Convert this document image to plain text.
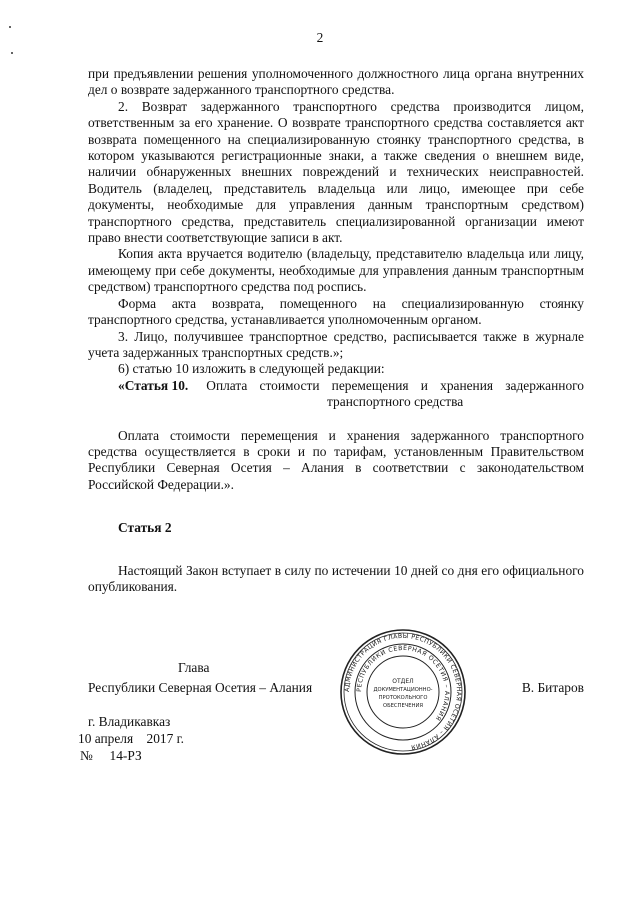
2

при предъявлении решения уполномоченного должностного лица органа внутренних дел о возврате задержанного транспортного средства.

2. Возврат задержанного транспортного средства производится лицом, ответственным за его хранение. О возврате транспортного средства составляется акт возврата помещенного на специализированную стоянку транспортного средства, в котором указываются регистрационные знаки, а также сведения о внешнем виде, наличии обнаруженных внешних повреждений и технических неисправностей. Водитель (владелец, представитель владельца или лицо, имеющее при себе документы, необходимые для управления данным транспортным средством) транспортного средства, представитель специализированной организации имеют право внести соответствующие записи в акт.

Копия акта вручается водителю (владельцу, представителю владельца или лицу, имеющему при себе документы, необходимые для управления данным транспортным средством) транспортного средства под роспись.

Форма акта возврата, помещенного на специализированную стоянку транспортного средства, устанавливается уполномоченным органом.

3. Лицо, получившее транспортное средство, расписывается также в журнале учета задержанных транспортных средств.»;

6) статью 10 изложить в следующей редакции:

«Статья 10. Оплата стоимости перемещения и хранения задержанного транспортного средства

Оплата стоимости перемещения и хранения задержанного транспортного средства осуществляется в сроки и по тарифам, установленным Правительством Республики Северная Осетия – Алания в соответствии с законодательством Российской Федерации.».

Статья 2

Настоящий Закон вступает в силу по истечении 10 дней со дня его официального опубликования.

Глава
Республики Северная Осетия – Алания	В. Битаров
АДМИНИСТРАЦИЯ ГЛАВЫ РЕСПУБЛИКИ СЕВЕРНАЯ ОСЕТИЯ – АЛАНИЯ
РЕСПУБЛИКИ СЕВЕРНАЯ ОСЕТИЯ – АЛАНИЯ
ОТДЕЛ
ДОКУМЕНТАЦИОННО-
ПРОТОКОЛЬНОГО
ОБЕСПЕЧЕНИЯ
г. Владикавказ
10 апреля    2017 г.
№     14-РЗ
